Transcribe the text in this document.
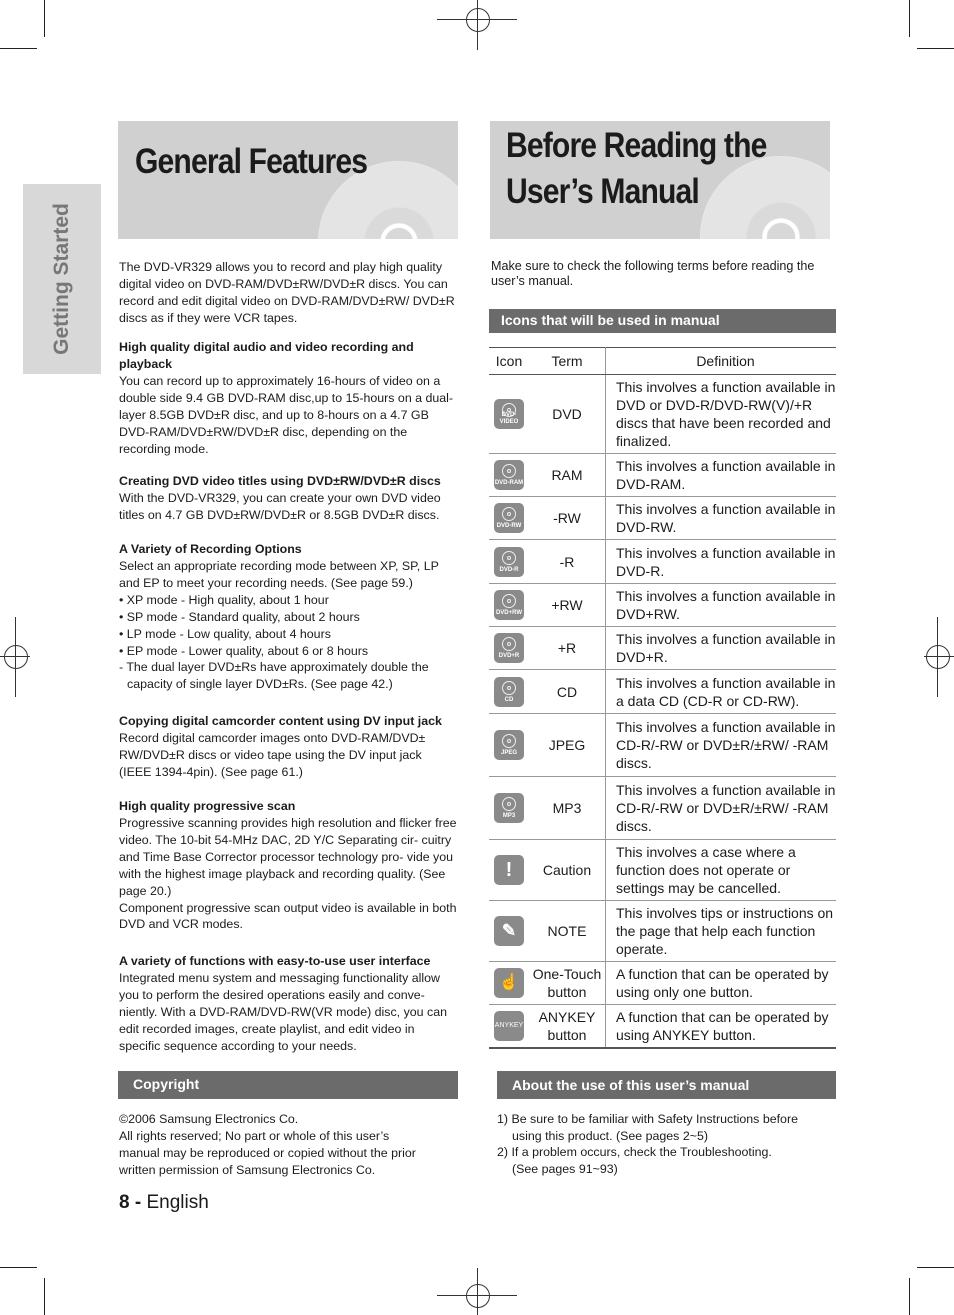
Getting Started
General Features	Before Reading the
User’s Manual
The DVD-VR329 allows you to record and play high quality digital video on DVD-RAM/DVD±RW/DVD±R discs. You can record and edit digital video on DVD-RAM/DVD±RW/ DVD±R discs as if they were VCR tapes.
High quality digital audio and video recording and playback
You can record up to approximately 16-hours of video on a double side 9.4 GB DVD-RAM disc,up to 15-hours on a dual-layer 8.5GB DVD±R disc, and up to 8-hours on a 4.7 GB DVD-RAM/DVD±RW/DVD±R disc, depending on the recording mode.
Creating DVD video titles using DVD±RW/DVD±R discs
With the DVD-VR329, you can create your own DVD video titles on 4.7 GB DVD±RW/DVD±R or 8.5GB DVD±R discs.
A Variety of Recording Options
Select an appropriate recording mode between XP, SP, LP and EP to meet your recording needs. (See page 59.)
• XP mode - High quality, about 1 hour
• SP mode - Standard quality, about 2 hours
• LP mode - Low quality, about 4 hours
• EP mode - Lower quality, about 6 or 8 hours
- The dual layer DVD±Rs have approximately double the capacity of single layer DVD±Rs. (See page 42.)
Copying digital camcorder content using DV input jack
Record digital camcorder images onto DVD-RAM/DVD± RW/DVD±R discs or video tape using the DV input jack (IEEE 1394-4pin). (See page 61.)
High quality progressive scan
Progressive scanning provides high resolution and flicker free video. The 10-bit 54-MHz DAC, 2D Y/C Separating cir- cuitry and Time Base Corrector processor technology pro- vide you with the highest image playback and recording quality. (See page 20.)
Component progressive scan output video is available in both DVD and VCR modes.
A variety of functions with easy-to-use user interface
Integrated menu system and messaging functionality allow you to perform the desired operations easily and conve- niently. With a DVD-RAM/DVD-RW(VR mode) disc, you can edit recorded images, create playlist, and edit video in specific sequence according to your needs.
Copyright
©2006 Samsung Electronics Co.
All rights reserved; No part or whole of this user’s
manual may be reproduced or copied without the prior
written permission of Samsung Electronics Co.
8 - English
Make sure to check the following terms before reading the user’s manual.
Icons that will be used in manual
Icon	Term	Definition

DVD-VIDEO	DVD	This involves a function available in DVD or DVD-R/DVD-RW(V)/+R discs that have been recorded and finalized.

DVD-RAM	RAM	This involves a function available in DVD-RAM.

DVD-RW	-RW	This involves a function available in DVD-RW.

DVD-R	-R	This involves a function available in DVD-R.

DVD+RW	+RW	This involves a function available in DVD+RW.

DVD+R	+R	This involves a function available in DVD+R.

CD	CD	This involves a function available in a data CD (CD-R or CD-RW).

JPEG	JPEG	This involves a function available in CD-R/-RW or DVD±R/±RW/ -RAM discs.

MP3	MP3	This involves a function available in CD-R/-RW or DVD±R/±RW/ -RAM discs.

!	Caution	This involves a case where a function does not operate or settings may be cancelled.

✎	NOTE	This involves tips or instructions on the page that help each function operate.

☝	One-Touch button	A function that can be operated by using only one button.

ANYKEY	ANYKEY button	A function that can be operated by using ANYKEY button.
About the use of this user’s manual
1) Be sure to be familiar with Safety Instructions before
using this product. (See pages 2~5)
2) If a problem occurs, check the Troubleshooting.
(See pages 91~93)
